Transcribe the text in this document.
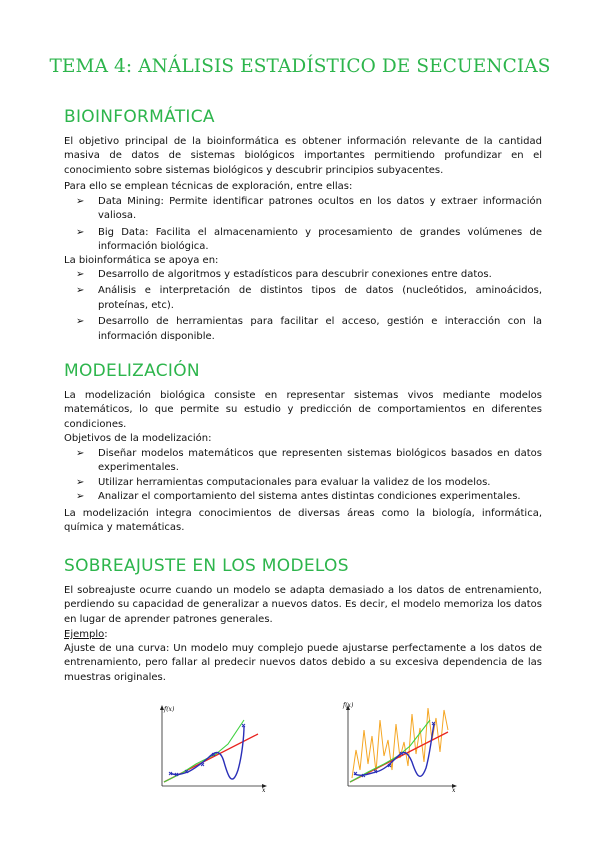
TEMA 4: ANÁLISIS ESTADÍSTICO DE SECUENCIAS
BIOINFORMÁTICA

El objetivo principal de la bioinformática es obtener información relevante de la cantidad masiva de datos de sistemas biológicos importantes permitiendo profundizar en el conocimiento sobre sistemas biológicos y descubrir principios subyacentes.

Para ello se emplean técnicas de exploración, entre ellas:

➢ Data Mining: Permite identificar patrones ocultos en los datos y extraer información valiosa.
➢ Big Data: Facilita el almacenamiento y procesamiento de grandes volúmenes de información biológica.

La bioinformática se apoya en:

➢ Desarrollo de algoritmos y estadísticos para descubrir conexiones entre datos.
➢ Análisis e interpretación de distintos tipos de datos (nucleótidos, aminoácidos, proteínas, etc).
➢ Desarrollo de herramientas para facilitar el acceso, gestión e interacción con la información disponible.
MODELIZACIÓN

La modelización biológica consiste en representar sistemas vivos mediante modelos matemáticos, lo que permite su estudio y predicción de comportamientos en diferentes condiciones.

Objetivos de la modelización:

➢ Diseñar modelos matemáticos que representen sistemas biológicos basados en datos experimentales.
➢ Utilizar herramientas computacionales para evaluar la validez de los modelos.
➢ Analizar el comportamiento del sistema antes distintas condiciones experimentales.

La modelización integra conocimientos de diversas áreas como la biología, informática, química y matemáticas.

SOBREAJUSTE EN LOS MODELOS

El sobreajuste ocurre cuando un modelo se adapta demasiado a los datos de entrenamiento, perdiendo su capacidad de generalizar a nuevos datos. Es decir, el modelo memoriza los datos en lugar de aprender patrones generales.

Ejemplo:

Ajuste de una curva: Un modelo muy complejo puede ajustarse perfectamente a los datos de entrenamiento, pero fallar al predecir nuevos datos debido a su excesiva dependencia de las muestras originales.

f(x)
x
f(x)
x
